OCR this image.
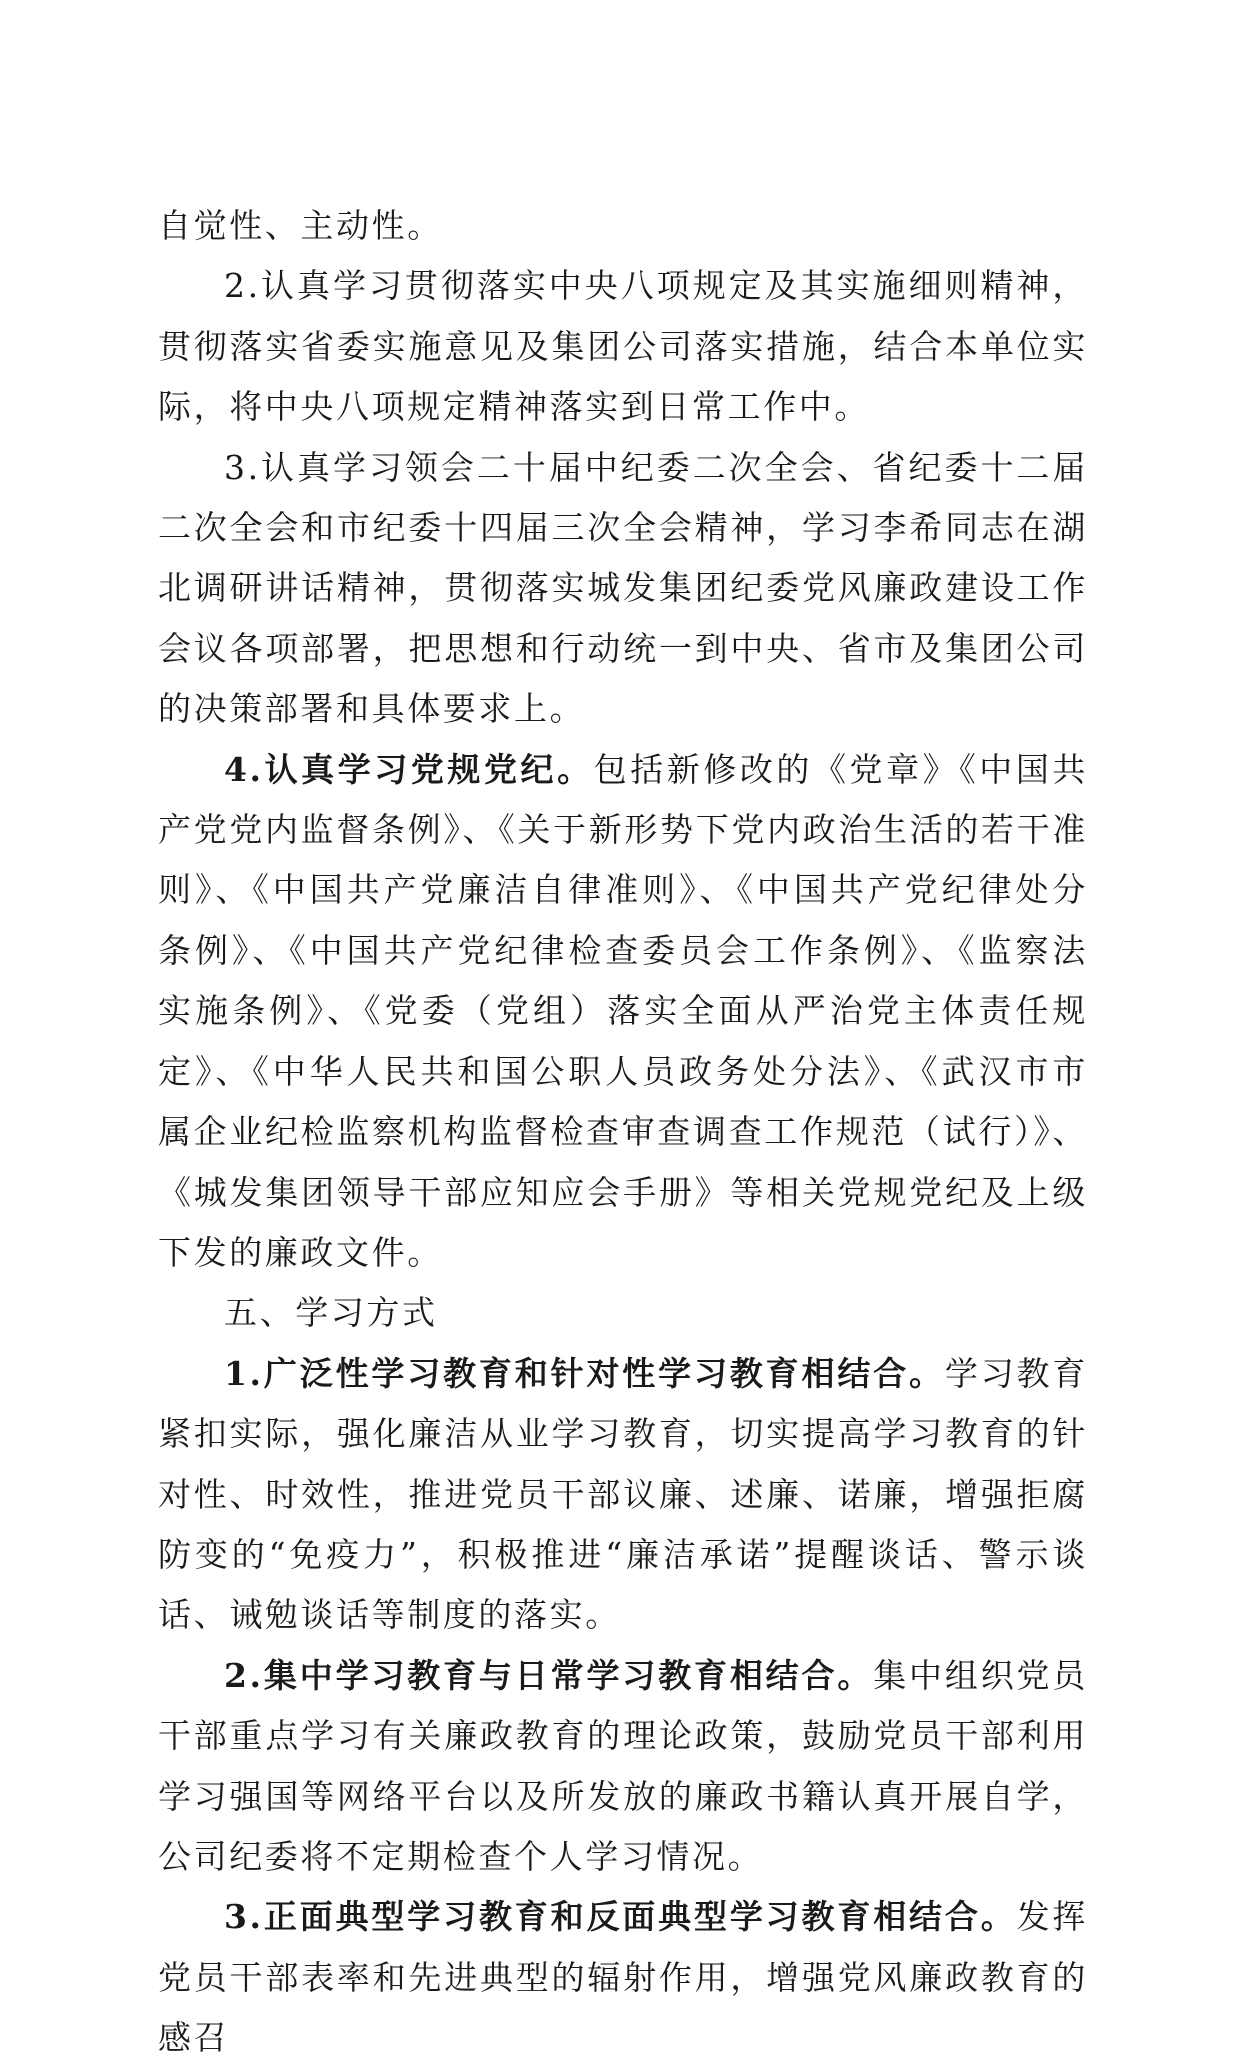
自觉性、主动性。

2.认真学习贯彻落实中央八项规定及其实施细则精神，贯彻落实省委实施意见及集团公司落实措施，结合本单位实际，将中央八项规定精神落实到日常工作中。

3.认真学习领会二十届中纪委二次全会、省纪委十二届二次全会和市纪委十四届三次全会精神，学习李希同志在湖北调研讲话精神，贯彻落实城发集团纪委党风廉政建设工作会议各项部署，把思想和行动统一到中央、省市及集团公司的决策部署和具体要求上。

4.认真学习党规党纪。包括新修改的《党章》《中国共产党党内监督条例》、《关于新形势下党内政治生活的若干准则》、《中国共产党廉洁自律准则》、《中国共产党纪律处分条例》、《中国共产党纪律检查委员会工作条例》、《监察法实施条例》、《党委（党组）落实全面从严治党主体责任规定》、《中华人民共和国公职人员政务处分法》、《武汉市市属企业纪检监察机构监督检查审查调查工作规范（试行）》、《城发集团领导干部应知应会手册》等相关党规党纪及上级下发的廉政文件。

五、学习方式

1.广泛性学习教育和针对性学习教育相结合。学习教育紧扣实际，强化廉洁从业学习教育，切实提高学习教育的针对性、时效性，推进党员干部议廉、述廉、诺廉，增强拒腐防变的“免疫力”，积极推进“廉洁承诺”提醒谈话、警示谈话、诫勉谈话等制度的落实。

2.集中学习教育与日常学习教育相结合。集中组织党员干部重点学习有关廉政教育的理论政策，鼓励党员干部利用学习强国等网络平台以及所发放的廉政书籍认真开展自学，公司纪委将不定期检查个人学习情况。

3.正面典型学习教育和反面典型学习教育相结合。发挥党员干部表率和先进典型的辐射作用，增强党风廉政教育的感召
